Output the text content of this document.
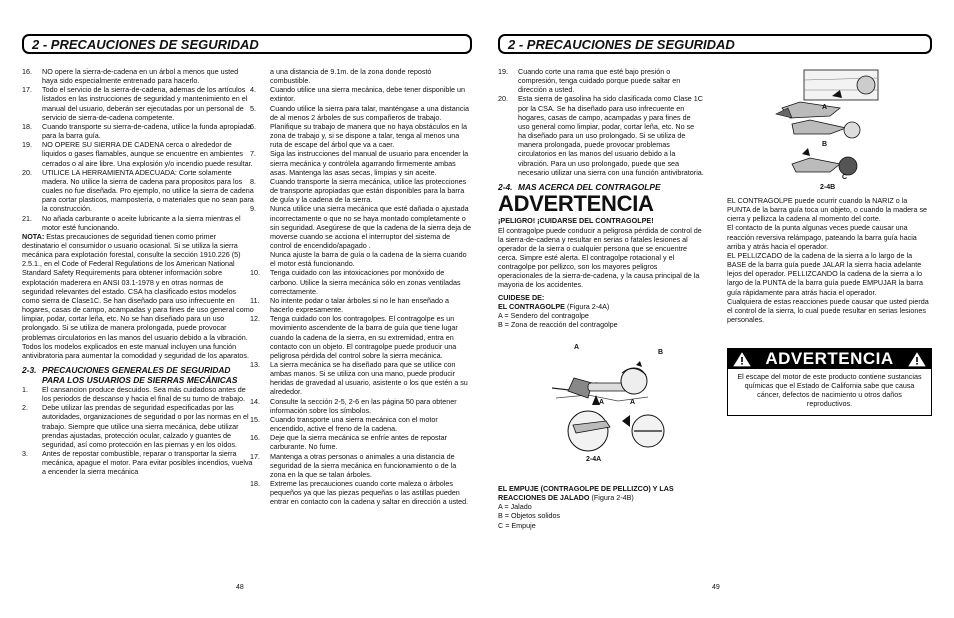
2 - PRECAUCIONES DE SEGURIDAD	2 - PRECAUCIONES DE SEGURIDAD
16.	NO opere la sierra-de-cadena en un árbol a menos que usted haya sido especialmente entrenado para hacerlo.
17.	Todo el servicio de la sierra-de-cadena, ademas de los artículos listados en las instrucciones de seguridad y mantenimiento en el manual del usuario, deberán ser ejecutadas por un personal de servicio de sierra-de-cadena competente.
18.	Cuando transporte su sierra-de-cadena, utilice la funda apropiada para la barra guía.
19.	NO OPERE SU SIERRA DE CADENA cerca o alrededor de liquidos o gases flamables, aunque se encuentre en ambientes cerrados o al aire libre. Una explosión y/o incendio puede resultar.
20.	UTILICE LA HERRAMIENTA ADECUADA: Corte solamente madera. No utilice la sierra de cadena para propositos para los cuales no fue diseñada. Pro ejemplo, no utilice la sierra de cadena para cortar plasticos, mampostería, o materiales que no sean para la construcción.
21.	No añada carburante o aceite lubricante a la sierra mientras el motor esté funcionando.

NOTA: Estas precauciones de seguridad tienen como primer destinatario el consumidor o usuario ocasional. Si se utiliza la sierra mecánica para explotación forestal, consulte la sección 1910.226 (5) 2.5.1., en el Code of Federal Regulations de los American National Standard Safety Requirements para obtener información sobre explotación maderera en ANSI 03.1-1978 y en otras normas de seguridad relevantes del estado. CSA ha clasificado estos modelos como sierra de Clase1C. Se han diseñado para uso infrecuente en hogares, casas de campo, acampadas y para fines de uso general como limpiar, podar, cortar leña, etc. No se han diseñado para un uso prolongado. Si se utiliza de manera prolongada, puede provocar problemas circulatorios en las manos del usuario debido a la vibración. Todos los modelos explicados en este manual incluyen una función antivibratoria para aumentar la comodidad y seguridad de los aparatos.

2-3. PRECAUCIONES GENERALES DE SEGURIDAD PARA LOS USUARIOS DE SIERRAS MECÁNICAS
1.	El cansancion produce descuidos. Sea más cuidadoso antes de los periodos de descanso y hacia el final de su turno de trabajo.
2.	Debe utilizar las prendas de seguridad especificadas por las autoridades, organizaciones de seguridad o por las normas en el trabajo. Siempre que utilice una sierra mecánica, debe utilizar prendas ajustadas, protección ocular, calzado y guantes de seguridad, así como protección en las piernas y en los oídos.
3.	Antes de repostar combustible, reparar o transportar la sierra mecánica, apague el motor. Para evitar posibles incendios, vuelva a encender la sierra mecánica

a una distancia de 9.1m. de la zona donde repostó combustible.

4.	Cuando utilice una sierra mecánica, debe tener disponible un extintor.
5.	Cuando utilice la sierra para talar, manténgase a una distancia de al menos 2 árboles de sus compañeros de trabajo.
6.	Planifique su trabajo de manera que no haya obstáculos en la zona de trabajo y, si se dispone a talar, tenga al menos una ruta de escape del árbol que va a caer.
7.	Siga las instrucciones del manual de usuario para encender la sierra mecánica y contrólela agarrando firmemente ambas asas. Mantenga las asas secas, limpias y sin aceite.
8.	Cuando transporte la sierra mecánica, utilice las protecciones de transporte apropiadas que están disponibles para la barra de guía y la cadena de la sierra.
9.	Nunca utilice una sierra mecánica que esté dañada o ajustada incorrectamente o que no se haya montado completamente o sin seguridad. Asegúrese de que la cadena de la sierra deja de moverse cuando se acciona el interruptor del sistema de control de encendido/apagado .

Nunca ajuste la barra de guía o la cadena de la sierra cuando el motor está funcionando.

10.	Tenga cuidado con las intoxicaciones por monóxido de carbono. Utilice la sierra mecánica sólo en zonas ventiladas correctamente.
11.	No intente podar o talar árboles si no le han enseñado a hacerlo expresamente.
12.	Tenga cuidado con los contragolpes. El contragolpe es un movimiento ascendente de la barra de guía que tiene lugar cuando la cadena de la sierra, en su extremidad, entra en contacto con un objeto. El contragolpe puede producir una peligrosa pérdida del control sobre la sierra mecánica.
13.	La sierra mecánica se ha diseñado para que se utilice con ambas manos. Si se utiliza con una mano, puede producir heridas de gravedad al usuario, asistente o los que estén a su alrededor.
14.	Consulte la sección 2-5, 2-6 en las página 50 para obtener información sobre los símbolos.
15.	Cuando transporte una sierra mecánica con el motor encendido, active el freno de la cadena.
16.	Deje que la sierra mecánica se enfríe antes de repostar carburante. No fume.
17.	Mantenga a otras personas o animales a una distancia de seguridad de la sierra mecánica en funcionamiento o de la zona en la que se talan árboles.
18.	Extreme las precauciones cuando corte maleza o árboles pequeños ya que las piezas pequeñas o las astillas pueden entrar en contacto con la cadena y saltar en dirección a usted.
48
19.	Cuando corte una rama que esté bajo presión o compresión, tenga cuidado porque puede saltar en dirección a usted.
20.	Esta sierra de gasolina ha sido clasificada como Clase 1C por la CSA. Se ha diseñado para uso infrecuente en hogares, casas de campo, acampadas y para fines de uso general como limpiar, podar, cortar leña, etc. No se ha diseñado para un uso prolongado. Si se utiliza de manera prolongada, puede provocar problemas circulatorios en las manos del usuario debido a la vibración. Para un uso prolongado, puede que sea necesario utilizar una sierra con una función antivibratoria.
2-4. MAS ACERCA DEL CONTRAGOLPE
ADVERTENCIA

¡PELIGRO! ¡CUIDARSE DEL CONTRAGOLPE!

El contragolpe puede conducir a peligrosa pérdida de control de la sierra-de-cadena y resultar en serias o fatales lesiones al operador de la sierra o cualquier persona que se encuentre cerca. Simpre esté alerta. El contragolpe rotacional y el contragolpe por pellizco, son los mayores peligros operacionales de la sierra-de-cadena, y la causa principal de la mayoria de los accidentes.

CUIDESE DE:

EL CONTRAGOLPE (Figura 2-4A)

A = Sendero del contragolpe

B = Zona de reacción del contragolpe

A
A	A
B
2-4A

EL EMPUJE (CONTRAGOLPE DE PELLIZCO) Y LAS REACCIONES DE JALADO (Figura 2-4B)

A = Jalado

B = Objetos solidos

C = Empuje

A
B
C
2-4B

EL CONTRAGOLPE puede ocurrir cuando la NARIZ o la PUNTA de la barra guía toca un objeto, o cuando la madera se cierra y pellizca la cadena al momento del corte.

El contacto de la punta algunas veces puede causar una reacción reversiva relámpago, pateando la barra guía hacia arriba y atrás hacia el operador.

EL PELLIZCADO de la cadena de la sierra a lo largo de la BASE de la barra guía puede JALAR la sierra hacia adelante lejos del operador. PELLIZCANDO la cadena de la sierra a lo largo de la PUNTA de la barra guía puede EMPUJAR la barra guía rápidamente para atrás hacia el operador.

Cualquiera de estas reacciones puede causar que usted pierda el control de la sierra, lo cual puede resultar en serias lesiones personales.

ADVERTENCIA
El escape del motor de este producto contiene sustancias químicas que el Estado de California sabe que causa cáncer, defectos de nacimiento u otros daños reproductivos.
49
